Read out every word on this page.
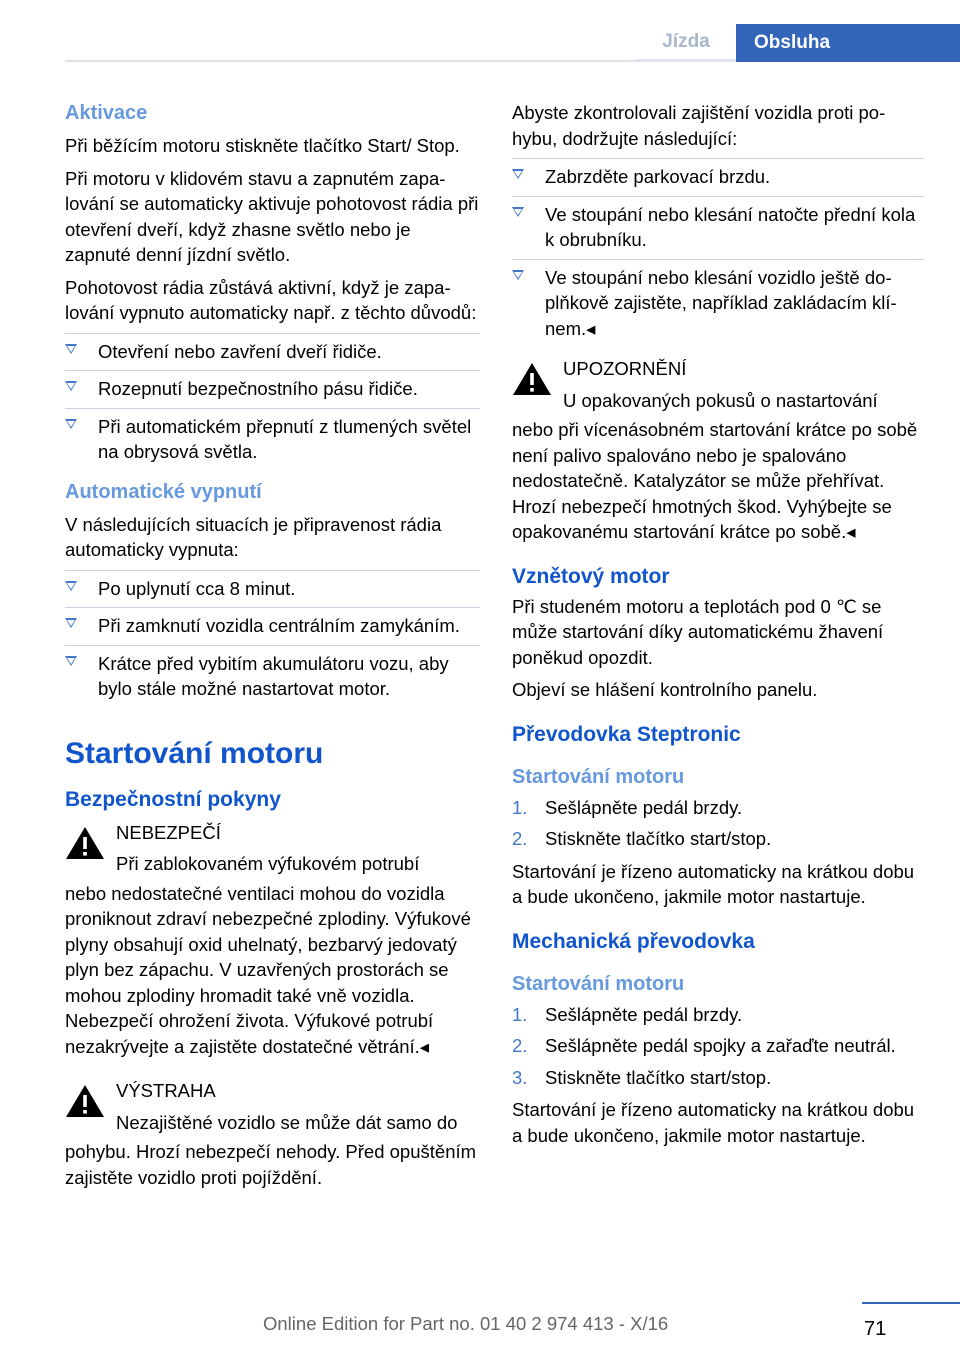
Jízda	Obsluha

Aktivace

Při běžícím motoru stiskněte tlačítko Start/ Stop.

Při motoru v klidovém stavu a zapnutém zapalování se automaticky aktivuje pohotovost rádia při otevření dveří, když zhasne světlo nebo je zapnuté denní jízdní světlo.

Pohotovost rádia zůstává aktivní, když je zapalování vypnuto automaticky např. z těchto důvodů:

Otevření nebo zavření dveří řidiče.
Rozepnutí bezpečnostního pásu řidiče.
Při automatickém přepnutí z tlumených světel na obrysová světla.

Automatické vypnutí

V následujících situacích je připravenost rádia automaticky vypnuta:

Po uplynutí cca 8 minut.
Při zamknutí vozidla centrálním zamykáním.
Krátce před vybitím akumulátoru vozu, aby bylo stále možné nastartovat motor.

Startování motoru

Bezpečnostní pokyny

NEBEZPEČÍ
Při zablokovaném výfukovém potrubí

nebo nedostatečné ventilaci mohou do vozidla proniknout zdraví nebezpečné zplodiny. Výfukové plyny obsahují oxid uhelnatý, bezbarvý jedovatý plyn bez zápachu. V uzavřených prostorách se mohou zplodiny hromadit také vně vozidla. Nebezpečí ohrožení života. Výfukové potrubí nezakrývejte a zajistěte dostatečné větrání.◂

VÝSTRAHA
Nezajištěné vozidlo se může dát samo do

pohybu. Hrozí nebezpečí nehody. Před opuštěním zajistěte vozidlo proti pojíždění.

Abyste zkontrolovali zajištění vozidla proti pohybu, dodržujte následující:

Zabrzděte parkovací brzdu.
Ve stoupání nebo klesání natočte přední kola k obrubníku.
Ve stoupání nebo klesání vozidlo ještě doplňkově zajistěte, například zakládacím klínem.◂
UPOZORNĚNÍ
U opakovaných pokusů o nastartování

nebo při vícenásobném startování krátce po sobě není palivo spalováno nebo je spalováno nedostatečně. Katalyzátor se může přehřívat. Hrozí nebezpečí hmotných škod. Vyhýbejte se opakovanému startování krátce po sobě.◂

Vznětový motor

Při studeném motoru a teplotách pod 0 ℃ se může startování díky automatickému žhavení poněkud opozdit.

Objeví se hlášení kontrolního panelu.

Převodovka Steptronic

Startování motoru

1. Sešlápněte pedál brzdy.
2. Stiskněte tlačítko start/stop.

Startování je řízeno automaticky na krátkou dobu a bude ukončeno, jakmile motor nastartuje.

Mechanická převodovka

Startování motoru

1. Sešlápněte pedál brzdy.
2. Sešlápněte pedál spojky a zařaďte neutrál.
3. Stiskněte tlačítko start/stop.

Startování je řízeno automaticky na krátkou dobu a bude ukončeno, jakmile motor nastartuje.

71
Online Edition for Part no. 01 40 2 974 413 - X/16
